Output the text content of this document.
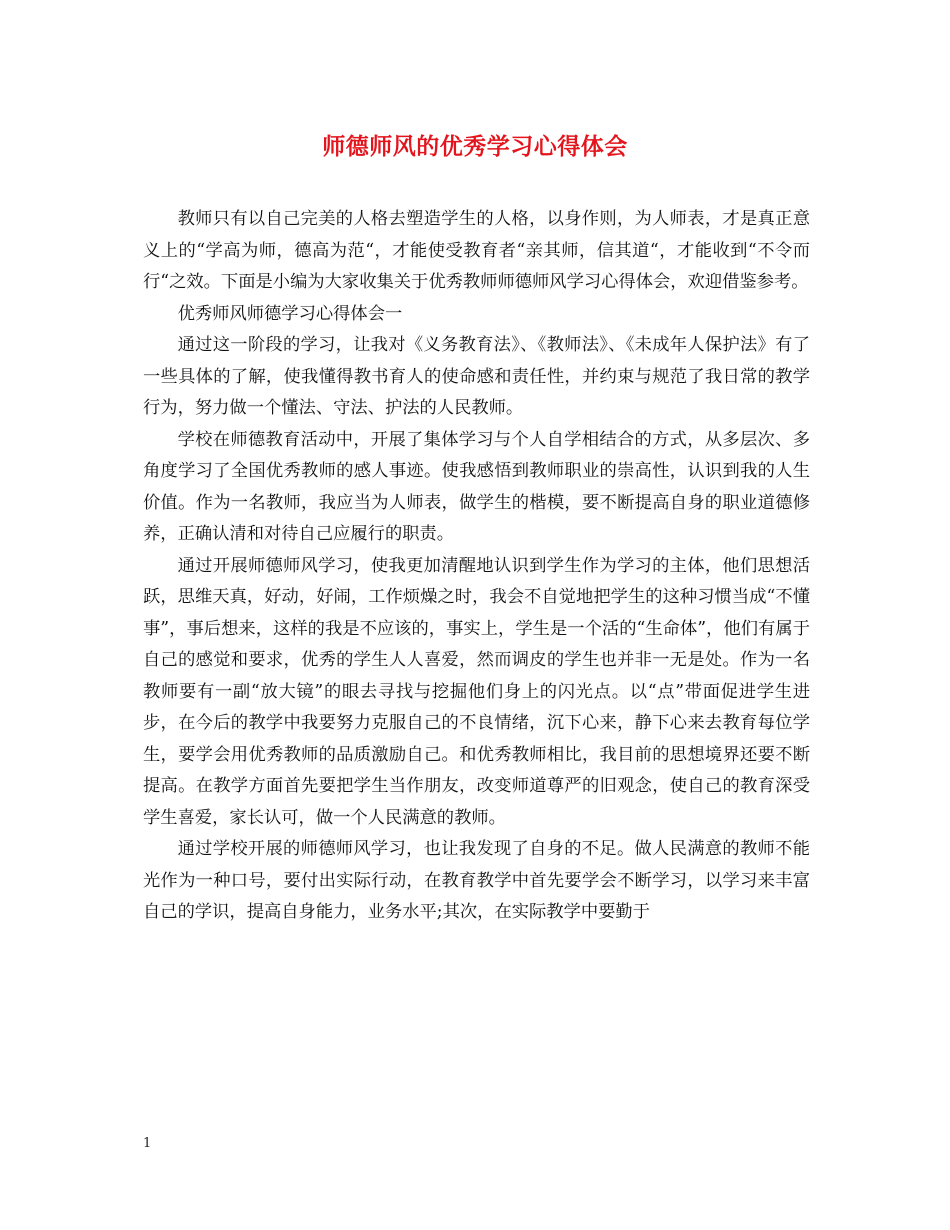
师德师风的优秀学习心得体会

教师只有以自己完美的人格去塑造学生的人格，以身作则，为人师表，才是真正意义上的“学高为师，德高为范“，才能使受教育者“亲其师，信其道“，才能收到“不令而行“之效。下面是小编为大家收集关于优秀教师师德师风学习心得体会，欢迎借鉴参考。

优秀师风师德学习心得体会一

通过这一阶段的学习，让我对《义务教育法》、《教师法》、《未成年人保护法》有了一些具体的了解，使我懂得教书育人的使命感和责任性，并约束与规范了我日常的教学行为，努力做一个懂法、守法、护法的人民教师。

学校在师德教育活动中，开展了集体学习与个人自学相结合的方式，从多层次、多角度学习了全国优秀教师的感人事迹。使我感悟到教师职业的崇高性，认识到我的人生价值。作为一名教师，我应当为人师表，做学生的楷模，要不断提高自身的职业道德修养，正确认清和对待自己应履行的职责。

通过开展师德师风学习，使我更加清醒地认识到学生作为学习的主体，他们思想活跃，思维天真，好动，好闹，工作烦燥之时，我会不自觉地把学生的这种习惯当成“不懂事”，事后想来，这样的我是不应该的，事实上，学生是一个活的“生命体”，他们有属于自己的感觉和要求，优秀的学生人人喜爱，然而调皮的学生也并非一无是处。作为一名教师要有一副“放大镜”的眼去寻找与挖掘他们身上的闪光点。以“点”带面促进学生进步，在今后的教学中我要努力克服自己的不良情绪，沉下心来，静下心来去教育每位学生，要学会用优秀教师的品质激励自己。和优秀教师相比，我目前的思想境界还要不断提高。在教学方面首先要把学生当作朋友，改变师道尊严的旧观念，使自己的教育深受学生喜爱，家长认可，做一个人民满意的教师。

通过学校开展的师德师风学习，也让我发现了自身的不足。做人民满意的教师不能光作为一种口号，要付出实际行动，在教育教学中首先要学会不断学习，以学习来丰富自己的学识，提高自身能力，业务水平;其次，在实际教学中要勤于

1
